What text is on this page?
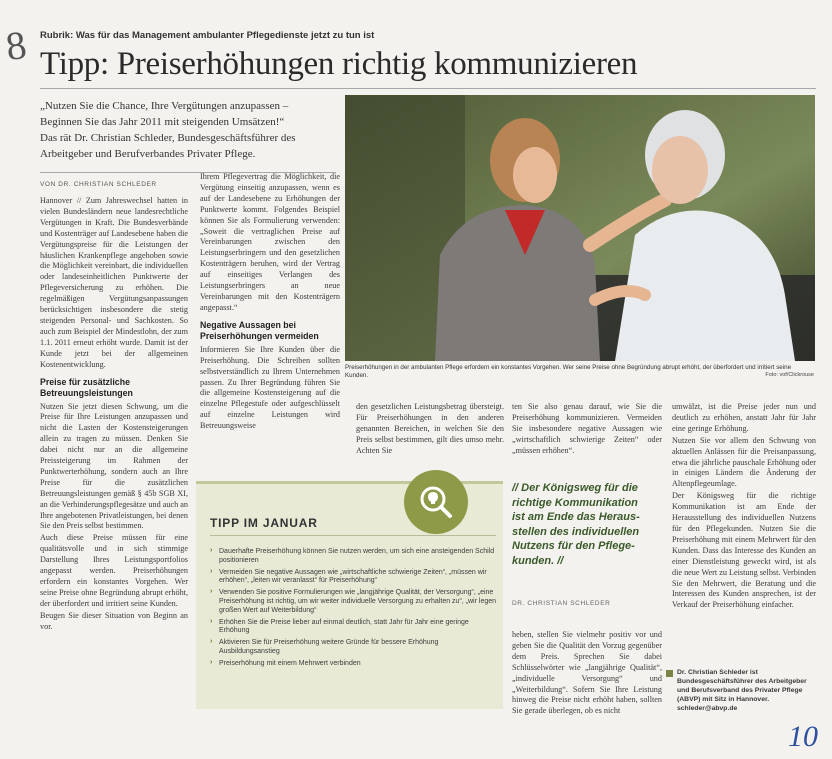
8 Rubrik: Was für das Management ambulanter Pflegedienste jetzt zu tun ist
Tipp: Preiserhöhungen richtig kommunizieren
„Nutzen Sie die Chance, Ihre Vergütungen anzupassen –
Beginnen Sie das Jahr 2011 mit steigenden Umsätzen!“
Das rät Dr. Christian Schleder, Bundesgeschäftsführer des
Arbeitgeber und Berufverbandes Privater Pflege.
VON DR. CHRISTIAN SCHLEDER

Hannover // Zum Jahreswechsel hatten in vielen Bundesländern neue landesrechtliche Vergütungen in Kraft. Die Bundesverbände und Kostenträger auf Landesebene haben die Vergütungspreise für die Leistungen der häuslichen Krankenpflege angehoben sowie die Möglichkeit vereinbart, die individuellen oder landeseinheitlichen Punktwerte der Pflegeversicherung zu erhöhen. Die regelmäßigen Vergütungsanpassungen berücksichtigen insbesondere die stetig steigenden Personal- und Sachkosten. So auch zum Beispiel der Mindestlohn, der zum 1.1. 2011 erneut erhöht wurde. Damit ist der Kunde jetzt bei der allgemeinen Kostenentwicklung.

Preise für zusätzliche
Betreuungsleistungen

Nutzen Sie jetzt diesen Schwung, um die Preise für Ihre Leistungen anzupassen und nicht die Lasten der Kostensteigerungen allein zu tragen zu müssen. Denken Sie dabei nicht nur an die allgemeine Preissteigerung im Rahmen der Punktwerterhöhung, sondern auch an Ihre Preise für die zusätzlichen Betreuungsleistungen gemäß § 45b SGB XI, an die Verhinderungspflegesätze und auch an Ihre angebotenen Privatleistungen, bei denen Sie den Preis selbst bestimmen.

Auch diese Preise müssen für eine qualitätsvolle und in sich stimmige Darstellung Ihres Leistungsportfolios angepasst werden. Preiserhöhungen erfordern ein konstantes Vorgehen. Wer seine Preise ohne Begründung abrupt erhöht, der überfordert und irritiert seine Kunden.

Beugen Sie dieser Situation von Beginn an vor.

Ihrem Pflegevertrag die Möglichkeit, die Vergütung einseitig anzupassen, wenn es auf der Landesebene zu Erhöhungen der Punktwerte kommt. Folgendes Beispiel können Sie als Formulierung verwenden: „Soweit die vertraglichen Preise auf Vereinbarungen zwischen den Leistungserbringern und den gesetzlichen Kostenträgern beruhen, wird der Vertrag auf einseitiges Verlangen des Leistungserbringers an neue Vereinbarungen mit den Kostenträgern angepasst.“

Negative Aussagen bei
Preiserhöhungen vermeiden

Informieren Sie Ihre Kunden über die Preiserhöhung. Die Schreiben sollten selbstverständlich zu Ihrem Unternehmen passen. Zu Ihrer Begründung führen Sie die allgemeine Kostensteigerung auf die einzelne Pflegestufe oder aufgeschlüsselt auf einzelne Leistungen wird Betreuungsweise

Preiserhöhungen in der ambulanten Pflege erfordern ein konstantes Vorgehen. Wer seine Preise ohne Begründung abrupt erhöht, der überfordert und irritiert seine Kunden.	Foto: vof/Clickrouse

den gesetzlichen Leistungsbetrag übersteigt. Für Preiserhöhungen in den anderen genannten Bereichen, in welchen Sie den Preis selbst bestimmen, gilt dies umso mehr. Achten Sie

ten Sie also genau darauf, wie Sie die Preiserhöhung kommunizieren. Vermeiden Sie insbesondere negative Aussagen wie „wirtschaftlich schwierige Zeiten“ oder „müssen erhöhen“.

// Der Königsweg für die
richtige Kommunikation
ist am Ende das Heraus-
stellen des individuellen
Nutzens für den Pflege-
kunden. //
DR. CHRISTIAN SCHLEDER

heben, stellen Sie vielmehr positiv vor und geben Sie die Qualität den Vorzug gegenüber dem Preis. Sprechen Sie dabei Schlüsselwörter wie „langjährige Qualität“, „individuelle Versorgung“ und „Weiterbildung“. Sofern Sie Ihre Leistung hinweg die Preise nicht erhöht haben, sollten Sie gerade überlegen, ob es nicht

umwälzt, ist die Preise jeder nun und deutlich zu erhöhen, anstatt Jahr für Jahr eine geringe Erhöhung.

Nutzen Sie vor allem den Schwung von aktuellen Anlässen für die Preisanpassung, etwa die jährliche pauschale Erhöhung oder in einigen Ländern die Änderung der Altenpflegeumlage.

Der Königsweg für die richtige Kommunikation ist am Ende der Herausstellung des individuellen Nutzens für den Pflegekunden. Nutzen Sie die Preiserhöhung mit einem Mehrwert für den Kunden. Dass das Interesse des Kunden an einer Dienstleistung geweckt wird, ist als die neue Wert zu Leistung selbst. Verbinden Sie den Mehrwert, die Beratung und die Interessen des Kunden ansprechen, ist der Verkauf der Preiserhöhung einfacher.

TIPP IM JANUAR
› Dauerhafte Preiserhöhung können Sie nutzen werden, um sich eine ansteigenden Schild positionieren
› Vermeiden Sie negative Aussagen wie „wirtschaftliche schwierige Zeiten“, „müssen wir erhöhen“, „leiten wir veranlasst“ für Preiserhöhung“
› Verwenden Sie positive Formulierungen wie „langjährige Qualität, der Versorgung“, „eine Preiserhöhung ist richtig, um wir weiter individuelle Versorgung zu erhalten zu“, „wir legen großen Wert auf Weiterbildung“
› Erhöhen Sie die Preise lieber auf einmal deutlich, statt Jahr für Jahr eine geringe Erhöhung
› Aktivieren Sie für Preiserhöhung weitere Gründe für bessere Erhöhung Ausbildungsanstieg
› Preiserhöhung mit einem Mehrwert verbinden
Dr. Christian Schleder ist Bundesgeschäftsführer des Arbeitgeber und Berufsverband des Privater Pflege (ABVP) mit Sitz in Hannover. schleder@abvp.de
10
